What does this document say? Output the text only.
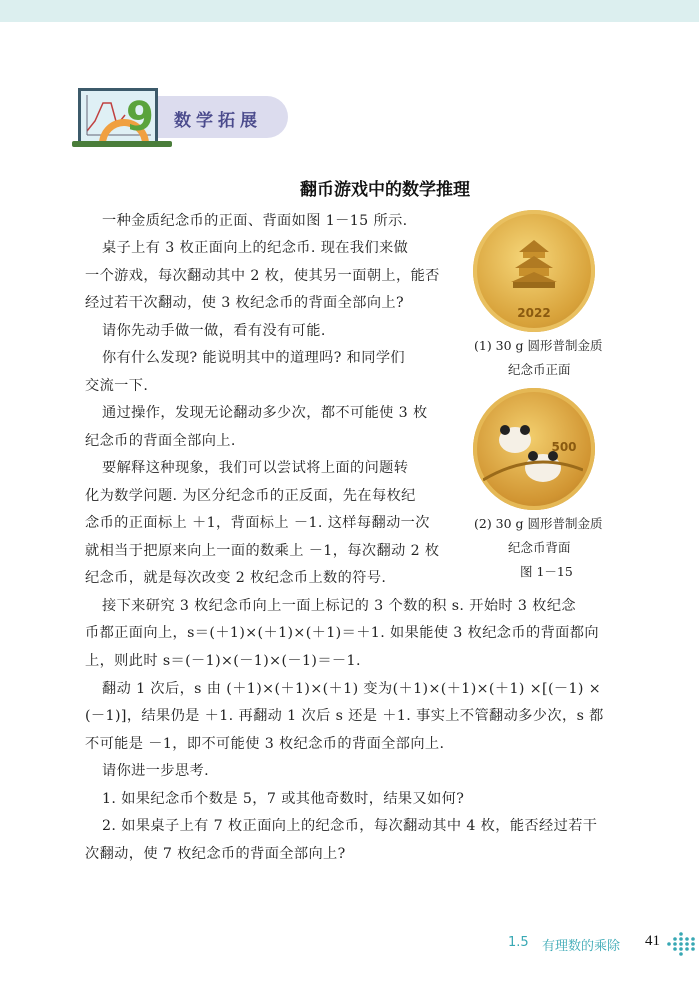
9 数学拓展
翻币游戏中的数学推理
一种金质纪念币的正面、背面如图 1－15 所示.
桌子上有 3 枚正面向上的纪念币. 现在我们来做
一个游戏，每次翻动其中 2 枚，使其另一面朝上，能否
经过若干次翻动，使 3 枚纪念币的背面全部向上?
请你先动手做一做，看有没有可能.
你有什么发现? 能说明其中的道理吗? 和同学们
交流一下.
通过操作，发现无论翻动多少次，都不可能使 3 枚
纪念币的背面全部向上.
要解释这种现象，我们可以尝试将上面的问题转
化为数学问题. 为区分纪念币的正反面，先在每枚纪
念币的正面标上 ＋1，背面标上 －1. 这样每翻动一次
就相当于把原来向上一面的数乘上 －1，每次翻动 2 枚
纪念币，就是每次改变 2 枚纪念币上数的符号.
接下来研究 3 枚纪念币向上一面上标记的 3 个数的积 s. 开始时 3 枚纪念
币都正面向上，s＝(＋1)×(＋1)×(＋1)＝＋1. 如果能使 3 枚纪念币的背面都向
上，则此时 s＝(－1)×(－1)×(－1)＝－1.
翻动 1 次后，s 由 (＋1)×(＋1)×(＋1) 变为(＋1)×(＋1)×(＋1) ×[(－1) ×
(－1)]，结果仍是 ＋1. 再翻动 1 次后 s 还是 ＋1. 事实上不管翻动多少次，s 都
不可能是 －1，即不可能使 3 枚纪念币的背面全部向上.
请你进一步思考.
1. 如果纪念币个数是 5，7 或其他奇数时，结果又如何?
2. 如果桌子上有 7 枚正面向上的纪念币，每次翻动其中 4 枚，能否经过若干
次翻动，使 7 枚纪念币的背面全部向上?
2022
(1) 30 g 圆形普制金质
纪念币正面
500
(2) 30 g 圆形普制金质
纪念币背面
图 1－15
1.5 有理数的乘除 41
